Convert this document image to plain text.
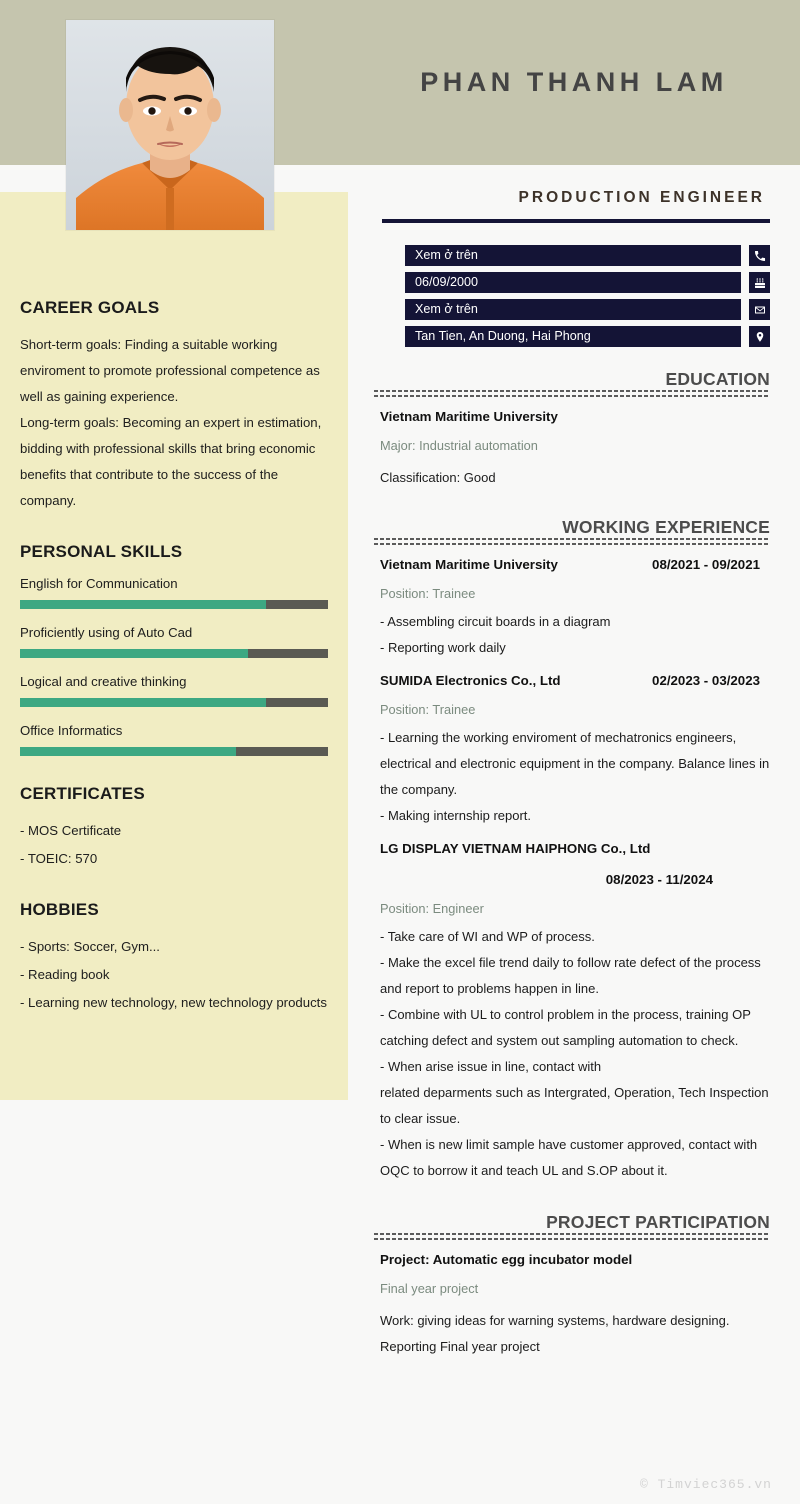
PHAN THANH LAM
CAREER GOALS
Short-term goals: Finding a suitable working enviroment to promote professional competence as well as gaining experience.
Long-term goals: Becoming an expert in estimation, bidding with professional skills that bring economic benefits that contribute to the success of the company.
PERSONAL SKILLS
English for Communication
Proficiently using of Auto Cad
Logical and creative thinking
Office Informatics
CERTIFICATES
- MOS Certificate
- TOEIC: 570
HOBBIES
- Sports: Soccer, Gym...
- Reading book
- Learning new technology, new technology products
PRODUCTION ENGINEER
Xem ở trên
06/09/2000
Xem ở trên
Tan Tien, An Duong, Hai Phong
EDUCATION
Vietnam Maritime University
Major: Industrial automation
Classification: Good
WORKING EXPERIENCE
Vietnam Maritime University	08/2021 - 09/2021
Position: Trainee
- Assembling circuit boards in a diagram
- Reporting work daily
SUMIDA Electronics Co., Ltd	02/2023 - 03/2023
Position: Trainee
- Learning the working enviroment of mechatronics engineers, electrical and electronic equipment in the company. Balance lines in the company.
- Making internship report.
LG DISPLAY VIETNAM HAIPHONG Co., Ltd
08/2023 - 11/2024
Position: Engineer
- Take care of WI and WP of process.
- Make the excel file trend daily to follow rate defect of the process and report to problems happen in line.
- Combine with UL to control problem in the process, training OP catching defect and system out sampling automation to check.
- When arise issue in line, contact with
related deparments such as Intergrated, Operation, Tech Inspection to clear issue.
- When is new limit sample have customer approved, contact with OQC to borrow it and teach UL and S.OP about it.
PROJECT PARTICIPATION
Project: Automatic egg incubator model
Final year project
Work: giving ideas for warning systems, hardware designing. Reporting Final year project
© Timviec365.vn
